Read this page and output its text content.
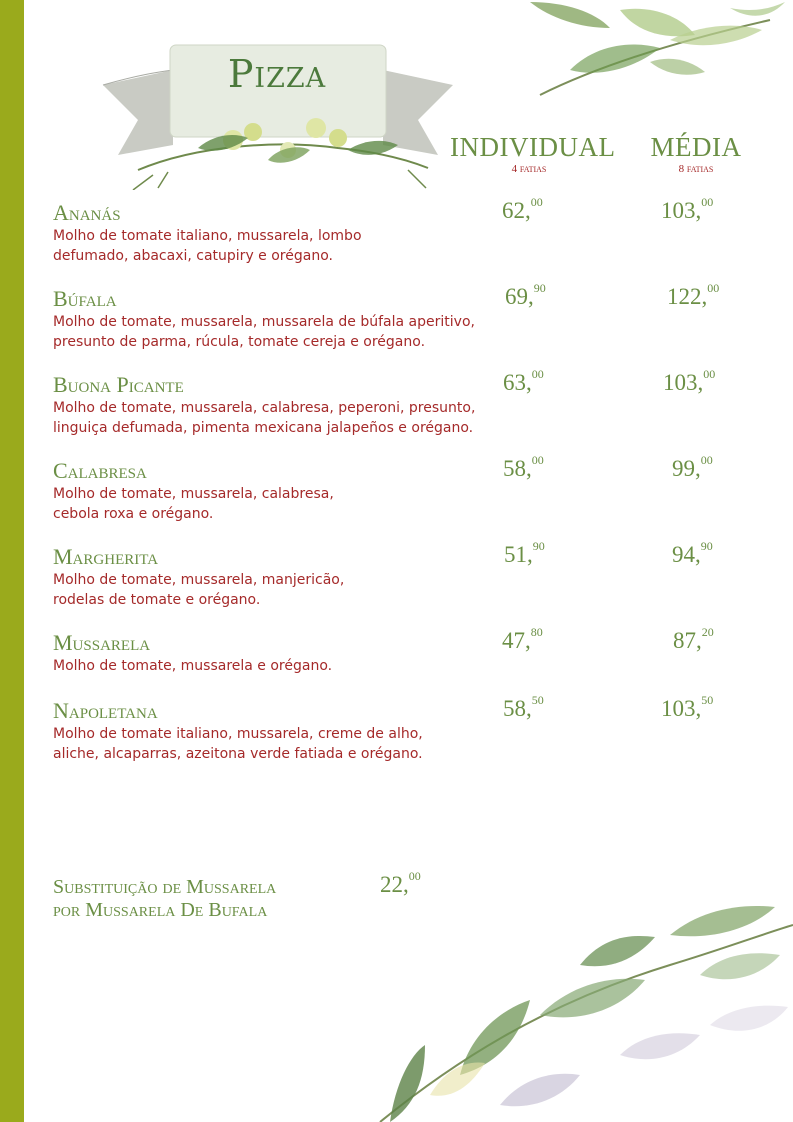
Pizza
INDIVIDUAL
4 fatias
MÉDIA
8 fatias
Ananás
Molho de tomate italiano, mussarela, lombo
defumado, abacaxi, catupiry e orégano.
62,00	103,00
Búfala
Molho de tomate, mussarela, mussarela de búfala aperitivo,
presunto de parma, rúcula, tomate cereja e orégano.
69,90	122,00
Buona Picante
Molho de tomate, mussarela, calabresa, peperoni, presunto,
linguiça defumada, pimenta mexicana jalapeños e orégano.
63,00	103,00
Calabresa
Molho de tomate, mussarela, calabresa,
cebola roxa e orégano.
58,00	99,00
Margherita
Molho de tomate, mussarela, manjericão,
rodelas de tomate e orégano.
51,90	94,90
Mussarela
Molho de tomate, mussarela e orégano.
47,80	87,20
Napoletana
Molho de tomate italiano, mussarela, creme de alho,
aliche, alcaparras, azeitona verde fatiada e orégano.
58,50	103,50
Substituição de Mussarela
por Mussarela De Bufala
22,00
